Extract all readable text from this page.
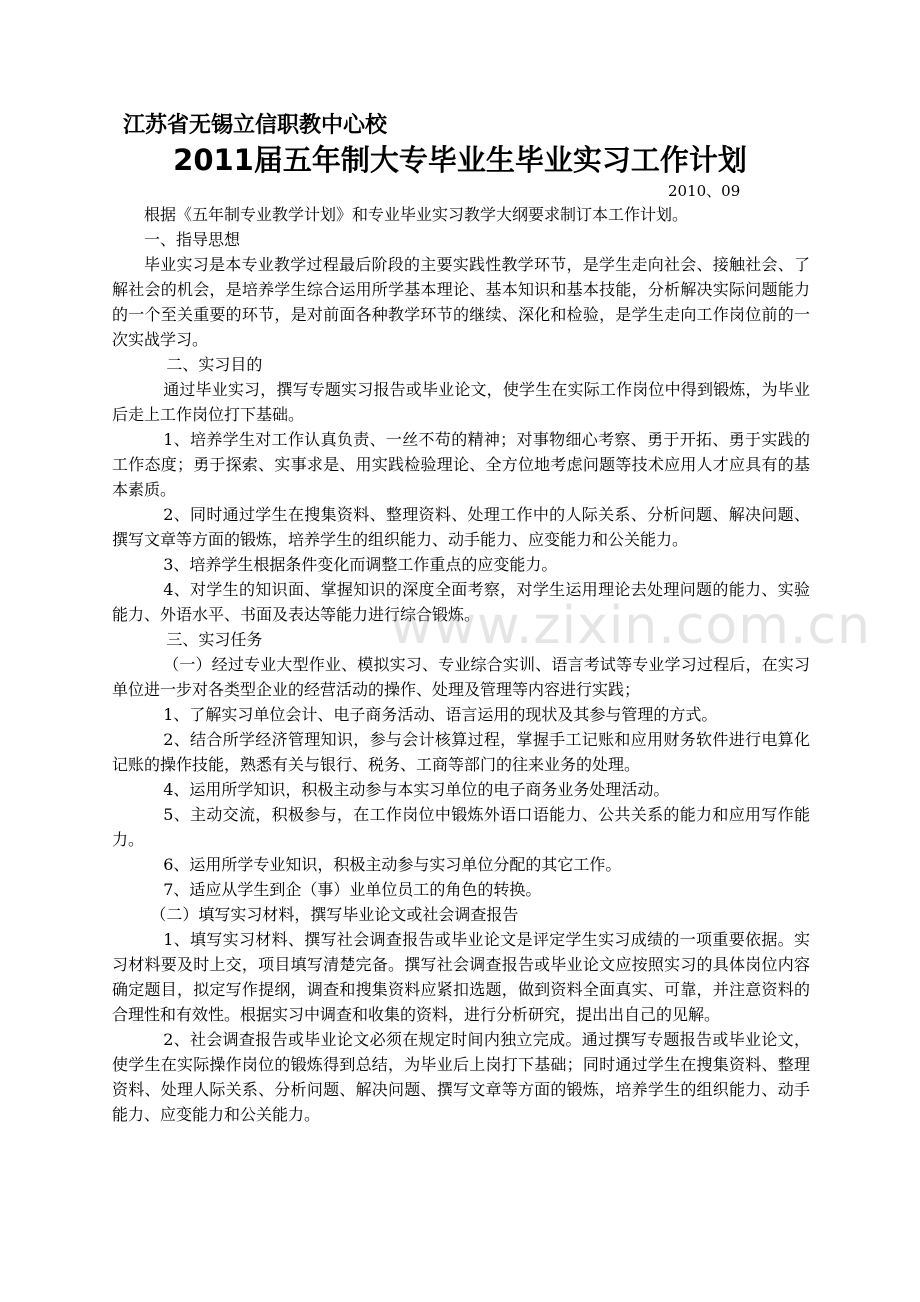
江苏省无锡立信职教中心校
2011届五年制大专毕业生毕业实习工作计划
2010、09

根据《五年制专业教学计划》和专业毕业实习教学大纲要求制订本工作计划。

一、指导思想

毕业实习是本专业教学过程最后阶段的主要实践性教学环节，是学生走向社会、接触社会、了解社会的机会，是培养学生综合运用所学基本理论、基本知识和基本技能，分析解决实际问题能力的一个至关重要的环节，是对前面各种教学环节的继续、深化和检验，是学生走向工作岗位前的一次实战学习。

二、实习目的

通过毕业实习，撰写专题实习报告或毕业论文，使学生在实际工作岗位中得到锻炼，为毕业后走上工作岗位打下基础。

1、培养学生对工作认真负责、一丝不苟的精神；对事物细心考察、勇于开拓、勇于实践的工作态度；勇于探索、实事求是、用实践检验理论、全方位地考虑问题等技术应用人才应具有的基本素质。

2、同时通过学生在搜集资料、整理资料、处理工作中的人际关系、分析问题、解决问题、撰写文章等方面的锻炼，培养学生的组织能力、动手能力、应变能力和公关能力。

3、培养学生根据条件变化而调整工作重点的应变能力。

4、对学生的知识面、掌握知识的深度全面考察，对学生运用理论去处理问题的能力、实验能力、外语水平、书面及表达等能力进行综合锻炼。

三、实习任务

（一）经过专业大型作业、模拟实习、专业综合实训、语言考试等专业学习过程后，在实习单位进一步对各类型企业的经营活动的操作、处理及管理等内容进行实践；

1、了解实习单位会计、电子商务活动、语言运用的现状及其参与管理的方式。

2、结合所学经济管理知识，参与会计核算过程，掌握手工记账和应用财务软件进行电算化记账的操作技能，熟悉有关与银行、税务、工商等部门的往来业务的处理。

4、运用所学知识，积极主动参与本实习单位的电子商务业务处理活动。

5、主动交流，积极参与，在工作岗位中锻炼外语口语能力、公共关系的能力和应用写作能力。

6、运用所学专业知识，积极主动参与实习单位分配的其它工作。

7、适应从学生到企（事）业单位员工的角色的转换。

（二）填写实习材料，撰写毕业论文或社会调查报告

1、填写实习材料、撰写社会调查报告或毕业论文是评定学生实习成绩的一项重要依据。实习材料要及时上交，项目填写清楚完备。撰写社会调查报告或毕业论文应按照实习的具体岗位内容确定题目，拟定写作提纲，调查和搜集资料应紧扣选题，做到资料全面真实、可靠，并注意资料的合理性和有效性。根据实习中调查和收集的资料，进行分析研究，提出出自己的见解。

2、社会调查报告或毕业论文必须在规定时间内独立完成。通过撰写专题报告或毕业论文，使学生在实际操作岗位的锻炼得到总结，为毕业后上岗打下基础；同时通过学生在搜集资料、整理资料、处理人际关系、分析问题、解决问题、撰写文章等方面的锻炼，培养学生的组织能力、动手能力、应变能力和公关能力。

www.zixin.com.cn
